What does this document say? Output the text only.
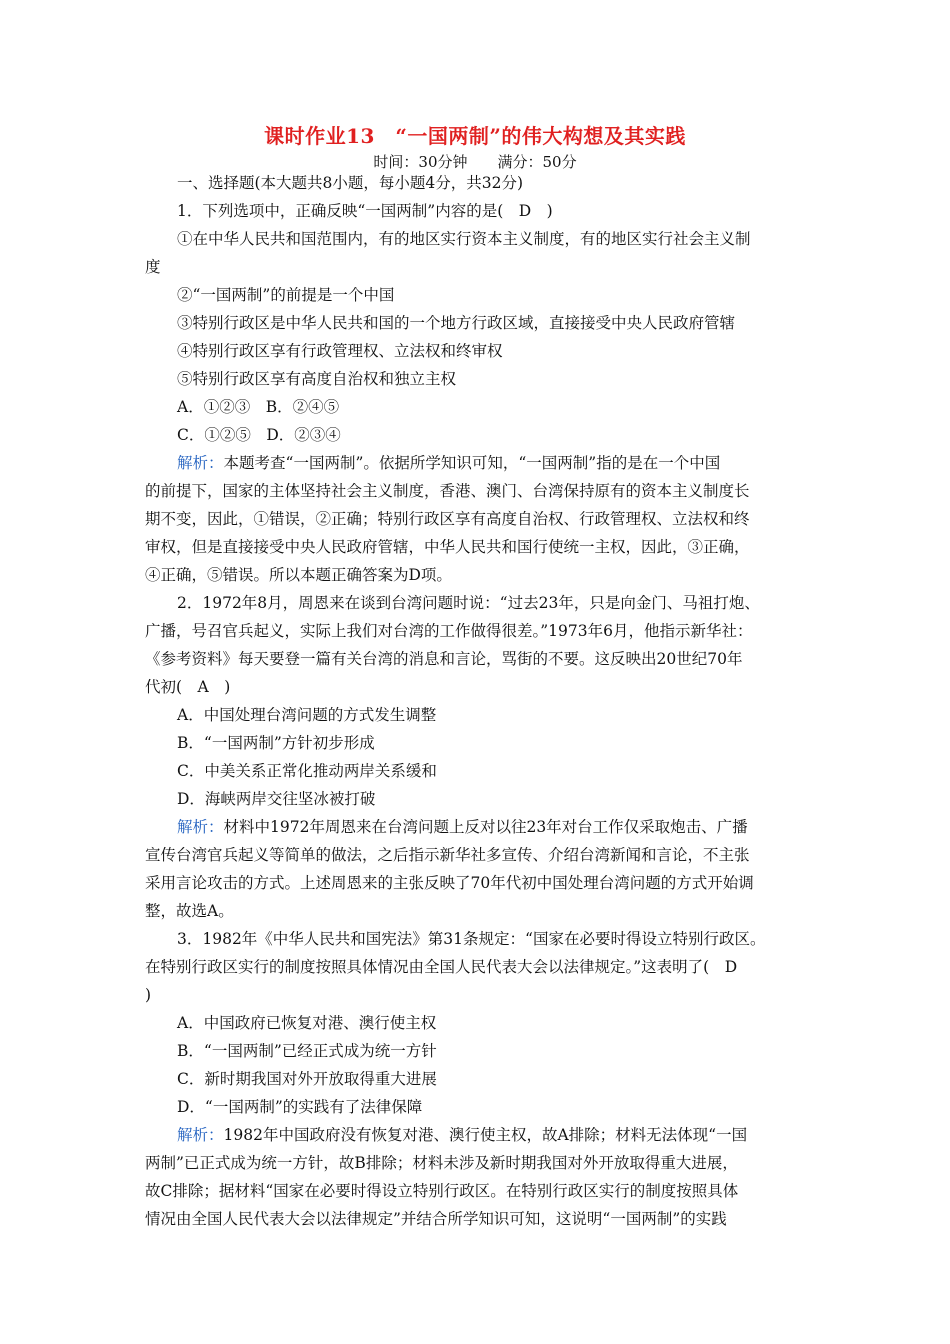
课时作业13　“一国两制”的伟大构想及其实践
时间：30分钟　　满分：50分
一、选择题(本大题共8小题，每小题4分，共32分)
1．下列选项中，正确反映“一国两制”内容的是(　D　)
①在中华人民共和国范围内，有的地区实行资本主义制度，有的地区实行社会主义制
度
②“一国两制”的前提是一个中国
③特别行政区是中华人民共和国的一个地方行政区域，直接接受中央人民政府管辖
④特别行政区享有行政管理权、立法权和终审权
⑤特别行政区享有高度自治权和独立主权
A．①②③　B．②④⑤
C．①②⑤　D．②③④
解析：本题考查“一国两制”。依据所学知识可知，“一国两制”指的是在一个中国
的前提下，国家的主体坚持社会主义制度，香港、澳门、台湾保持原有的资本主义制度长
期不变，因此，①错误，②正确；特别行政区享有高度自治权、行政管理权、立法权和终
审权，但是直接接受中央人民政府管辖，中华人民共和国行使统一主权，因此，③正确，
④正确，⑤错误。所以本题正确答案为D项。
2．1972年8月，周恩来在谈到台湾问题时说：“过去23年，只是向金门、马祖打炮、
广播，号召官兵起义，实际上我们对台湾的工作做得很差。”1973年6月，他指示新华社：
《参考资料》每天要登一篇有关台湾的消息和言论，骂街的不要。这反映出20世纪70年
代初(　A　)
A．中国处理台湾问题的方式发生调整
B．“一国两制”方针初步形成
C．中美关系正常化推动两岸关系缓和
D．海峡两岸交往坚冰被打破
解析：材料中1972年周恩来在台湾问题上反对以往23年对台工作仅采取炮击、广播
宣传台湾官兵起义等简单的做法，之后指示新华社多宣传、介绍台湾新闻和言论，不主张
采用言论攻击的方式。上述周恩来的主张反映了70年代初中国处理台湾问题的方式开始调
整，故选A。
3．1982年《中华人民共和国宪法》第31条规定：“国家在必要时得设立特别行政区。
在特别行政区实行的制度按照具体情况由全国人民代表大会以法律规定。”这表明了(　D
)
A．中国政府已恢复对港、澳行使主权
B．“一国两制”已经正式成为统一方针
C．新时期我国对外开放取得重大进展
D．“一国两制”的实践有了法律保障
解析：1982年中国政府没有恢复对港、澳行使主权，故A排除；材料无法体现“一国
两制”已正式成为统一方针，故B排除；材料未涉及新时期我国对外开放取得重大进展，
故C排除；据材料“国家在必要时得设立特别行政区。在特别行政区实行的制度按照具体
情况由全国人民代表大会以法律规定”并结合所学知识可知，这说明“一国两制”的实践
